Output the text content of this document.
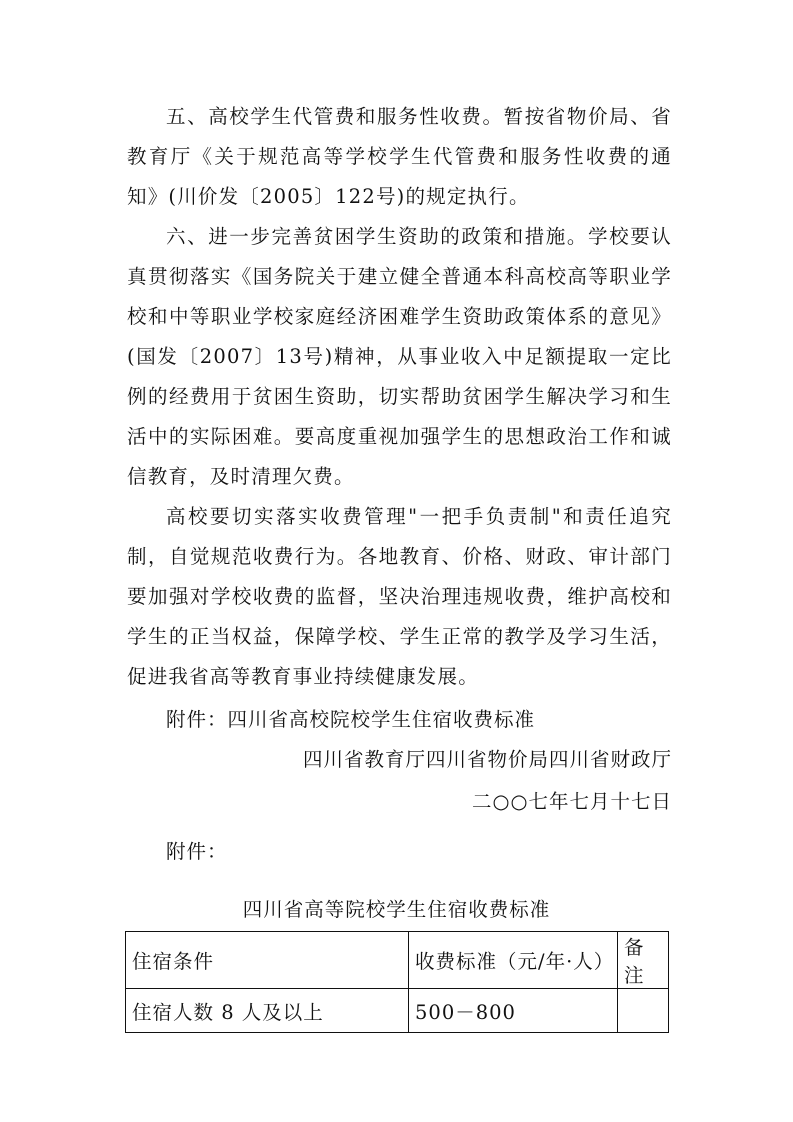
五、高校学生代管费和服务性收费。暂按省物价局、省教育厅《关于规范高等学校学生代管费和服务性收费的通知》(川价发〔2005〕122号)的规定执行。

六、进一步完善贫困学生资助的政策和措施。学校要认真贯彻落实《国务院关于建立健全普通本科高校高等职业学校和中等职业学校家庭经济困难学生资助政策体系的意见》(国发〔2007〕13号)精神，从事业收入中足额提取一定比例的经费用于贫困生资助，切实帮助贫困学生解决学习和生活中的实际困难。要高度重视加强学生的思想政治工作和诚信教育，及时清理欠费。

高校要切实落实收费管理"一把手负责制"和责任追究制，自觉规范收费行为。各地教育、价格、财政、审计部门要加强对学校收费的监督，坚决治理违规收费，维护高校和学生的正当权益，保障学校、学生正常的教学及学习生活，促进我省高等教育事业持续健康发展。

附件：四川省高校院校学生住宿收费标准
四川省教育厅四川省物价局四川省财政厅
二○○七年七月十七日
附件：
四川省高等院校学生住宿收费标准
住宿条件	收费标准（元/年·人）	备注
住宿人数 8 人及以上	500－800	
